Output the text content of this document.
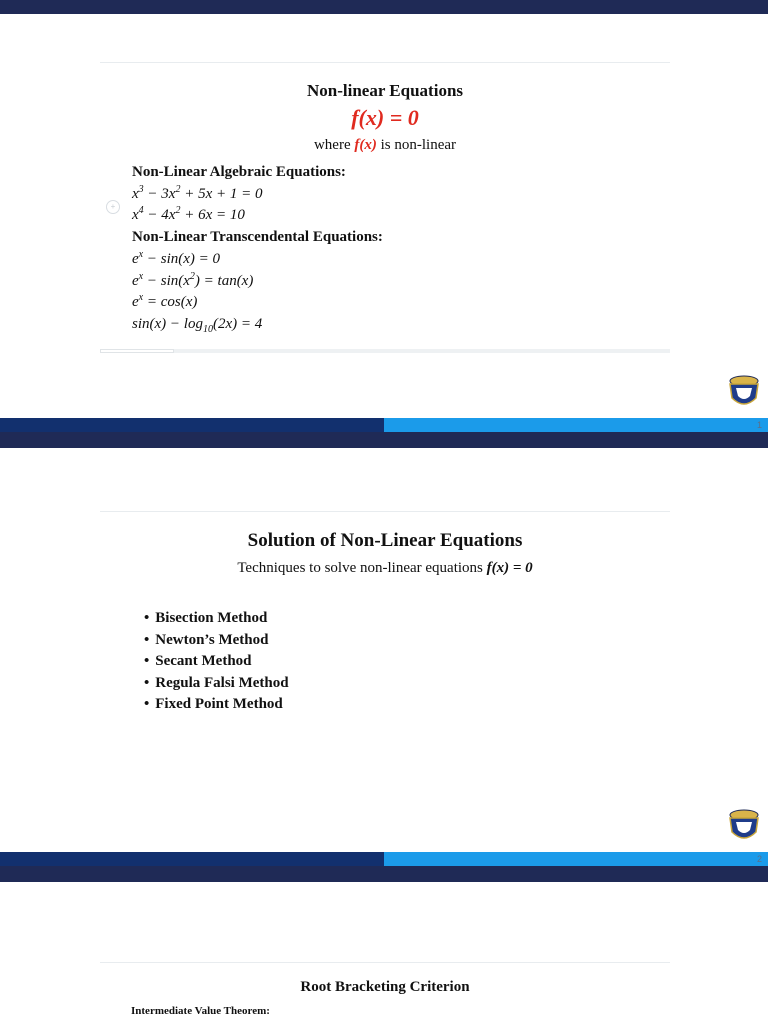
Non-linear Equations
f(x) = 0
where f(x) is non-linear
Non-Linear Algebraic Equations:
$x^3 - 3x^2 + 5x + 1 = 0$
+
$x^4 - 4x^2 + 6x = 10$
Non-Linear Transcendental Equations:
$e^x - \sin(x) = 0$
$e^x - \sin(x^2) = \tan(x)$
$e^x = \cos(x)$
$\sin(x) - \log_{10}(2x) = 4$
1
Solution of Non-Linear Equations
Techniques to solve non-linear equations f(x) = 0
• Bisection Method
• Newton’s Method
• Secant Method
• Regula Falsi Method
• Fixed Point Method
2
Root Bracketing Criterion
Intermediate Value Theorem:
